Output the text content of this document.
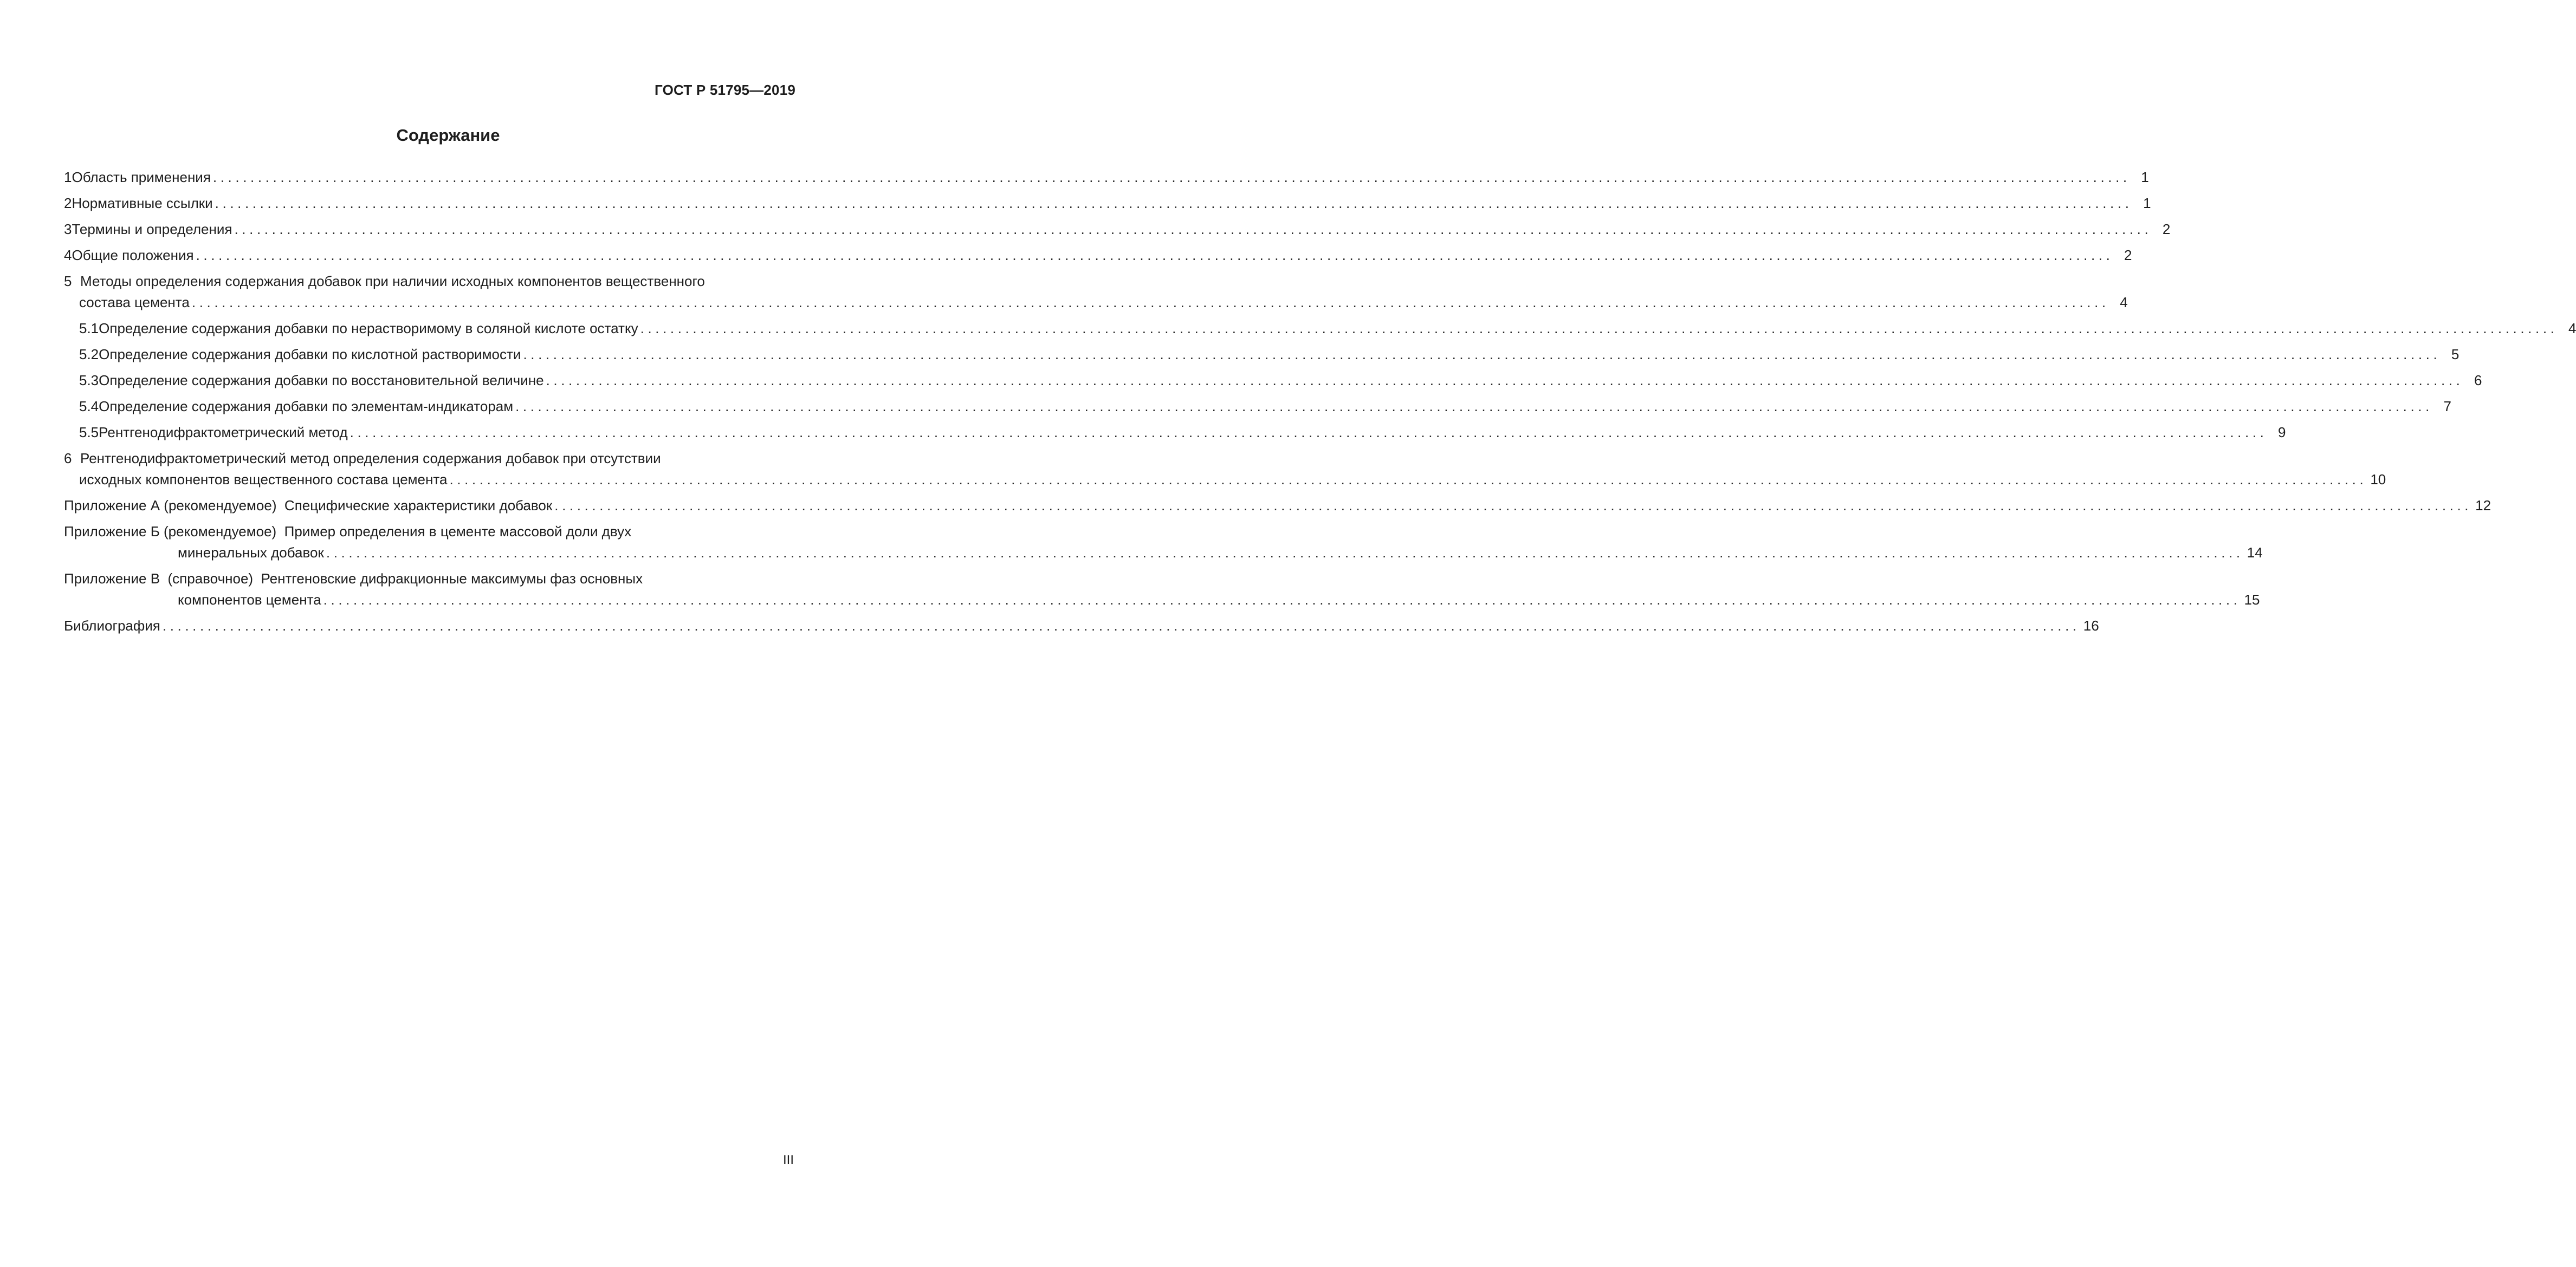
ГОСТ Р 51795—2019
Содержание
1 Область применения ................................................................................................................................................................................................................................................................ 1
2 Нормативные ссылки ................................................................................................................................................................................................................................................................ 1
3 Термины и определения ................................................................................................................................................................................................................................................................ 2
4 Общие положения ................................................................................................................................................................................................................................................................ 2
5 Методы определения содержания добавок при наличии исходных компонентов вещественного
состава цемента ................................................................................................................................................................................................................................................................ 4
5.1 Определение содержания добавки по нерастворимому в соляной кислоте остатку ................................................................................................................................................................................................................................................................ 4
5.2 Определение содержания добавки по кислотной растворимости ................................................................................................................................................................................................................................................................ 5
5.3 Определение содержания добавки по восстановительной величине ................................................................................................................................................................................................................................................................ 6
5.4 Определение содержания добавки по элементам-индикаторам ................................................................................................................................................................................................................................................................ 7
5.5 Рентгенодифрактометрический метод ................................................................................................................................................................................................................................................................ 9
6 Рентгенодифрактометрический метод определения содержания добавок при отсутствии
исходных компонентов вещественного состава цемента ................................................................................................................................................................................................................................................................ 10
Приложение А (рекомендуемое)  Специфические характеристики добавок ................................................................................................................................................................................................................................................................ 12
Приложение Б (рекомендуемое)  Пример определения в цементе массовой доли двух
минеральных добавок ................................................................................................................................................................................................................................................................ 14
Приложение В  (справочное)  Рентгеновские дифракционные максимумы фаз основных
компонентов цемента ................................................................................................................................................................................................................................................................ 15
Библиография ................................................................................................................................................................................................................................................................ 16
III
